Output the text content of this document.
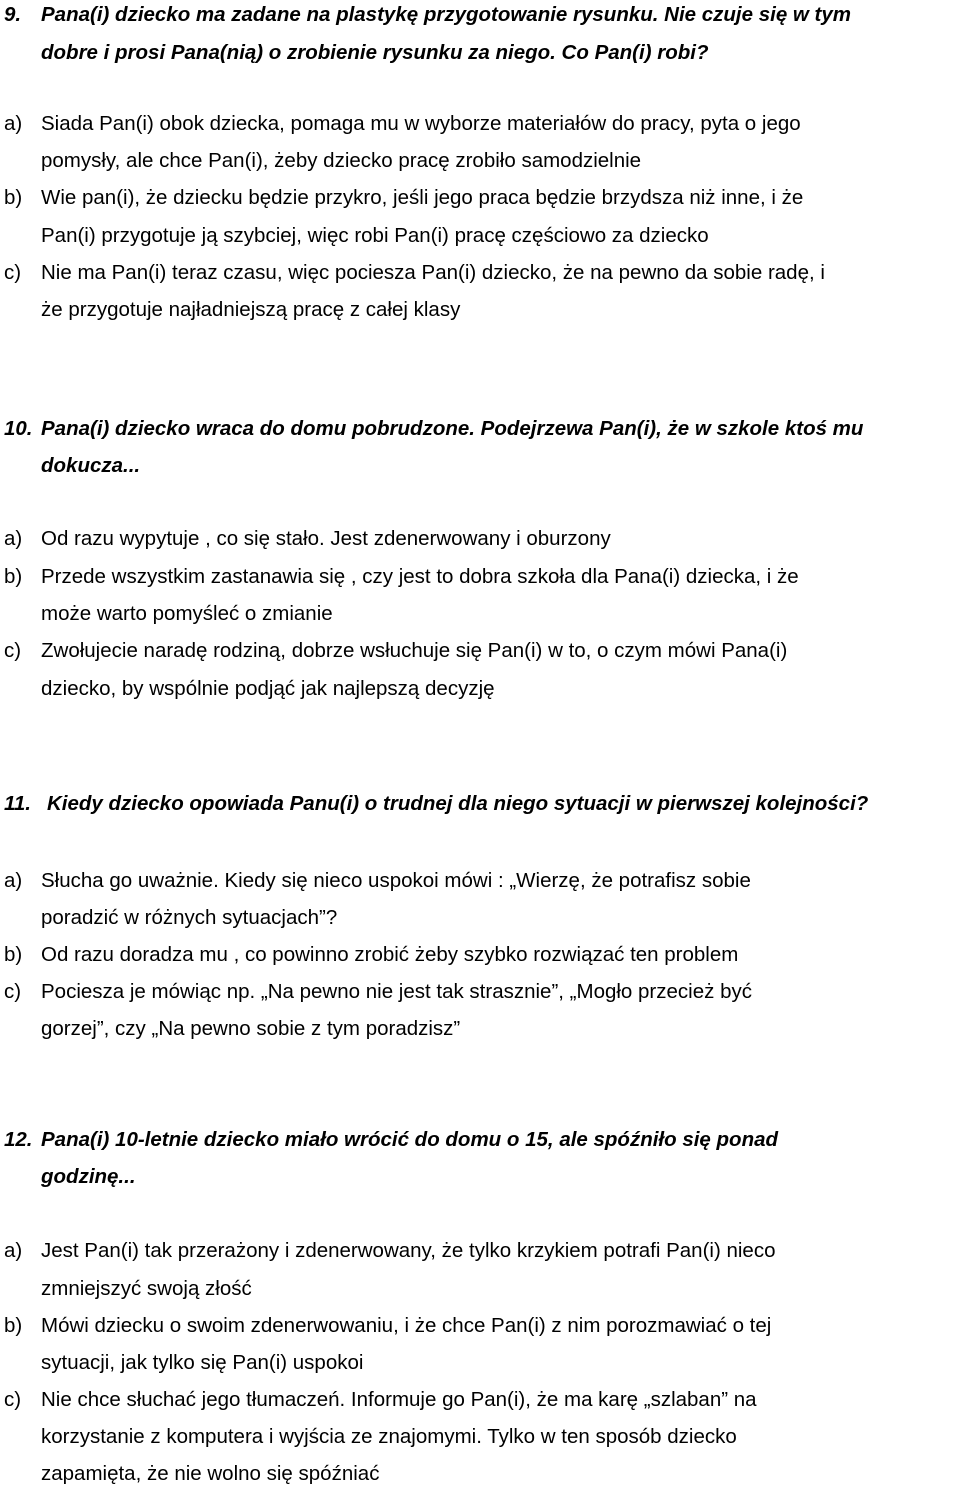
9. Pana(i) dziecko ma zadane na plastykę przygotowanie rysunku. Nie czuje się w tym
dobre i prosi Pana(nią) o zrobienie rysunku za niego. Co Pan(i) robi?
a) Siada Pan(i) obok dziecka, pomaga mu w wyborze materiałów do pracy, pyta o jego
pomysły, ale chce Pan(i), żeby dziecko pracę zrobiło samodzielnie
b) Wie pan(i), że dziecku będzie przykro, jeśli jego praca będzie brzydsza niż inne, i że
Pan(i) przygotuje ją szybciej, więc robi Pan(i) pracę częściowo za dziecko
c) Nie ma Pan(i) teraz czasu, więc pociesza Pan(i) dziecko, że na pewno da sobie radę, i
że przygotuje najładniejszą pracę z całej klasy
10. Pana(i) dziecko wraca do domu pobrudzone. Podejrzewa Pan(i), że w szkole ktoś mu
dokucza...
a) Od razu wypytuje , co się stało. Jest zdenerwowany i oburzony
b) Przede wszystkim zastanawia się , czy jest to dobra szkoła dla Pana(i) dziecka, i że
może warto pomyśleć o zmianie
c) Zwołujecie naradę rodziną, dobrze wsłuchuje się Pan(i) w to, o czym mówi Pana(i)
dziecko, by wspólnie podjąć jak najlepszą decyzję
11. Kiedy dziecko opowiada Panu(i) o trudnej dla niego sytuacji w pierwszej kolejności?
a) Słucha go uważnie. Kiedy się nieco uspokoi mówi : „Wierzę, że potrafisz sobie
poradzić w różnych sytuacjach”?
b) Od razu doradza mu , co powinno zrobić żeby szybko rozwiązać ten problem
c) Pociesza je mówiąc np. „Na pewno nie jest tak strasznie”, „Mogło przecież być
gorzej”, czy „Na pewno sobie z tym poradzisz”
12. Pana(i) 10-letnie dziecko miało wrócić do domu o 15, ale spóźniło się ponad
godzinę...
a) Jest Pan(i) tak przerażony i zdenerwowany, że tylko krzykiem potrafi Pan(i) nieco
zmniejszyć swoją złość
b) Mówi dziecku o swoim zdenerwowaniu, i że chce Pan(i) z nim porozmawiać o tej
sytuacji, jak tylko się Pan(i) uspokoi
c) Nie chce słuchać jego tłumaczeń. Informuje go Pan(i), że ma karę „szlaban” na
korzystanie z komputera i wyjścia ze znajomymi. Tylko w ten sposób dziecko
zapamięta, że nie wolno się spóźniać
